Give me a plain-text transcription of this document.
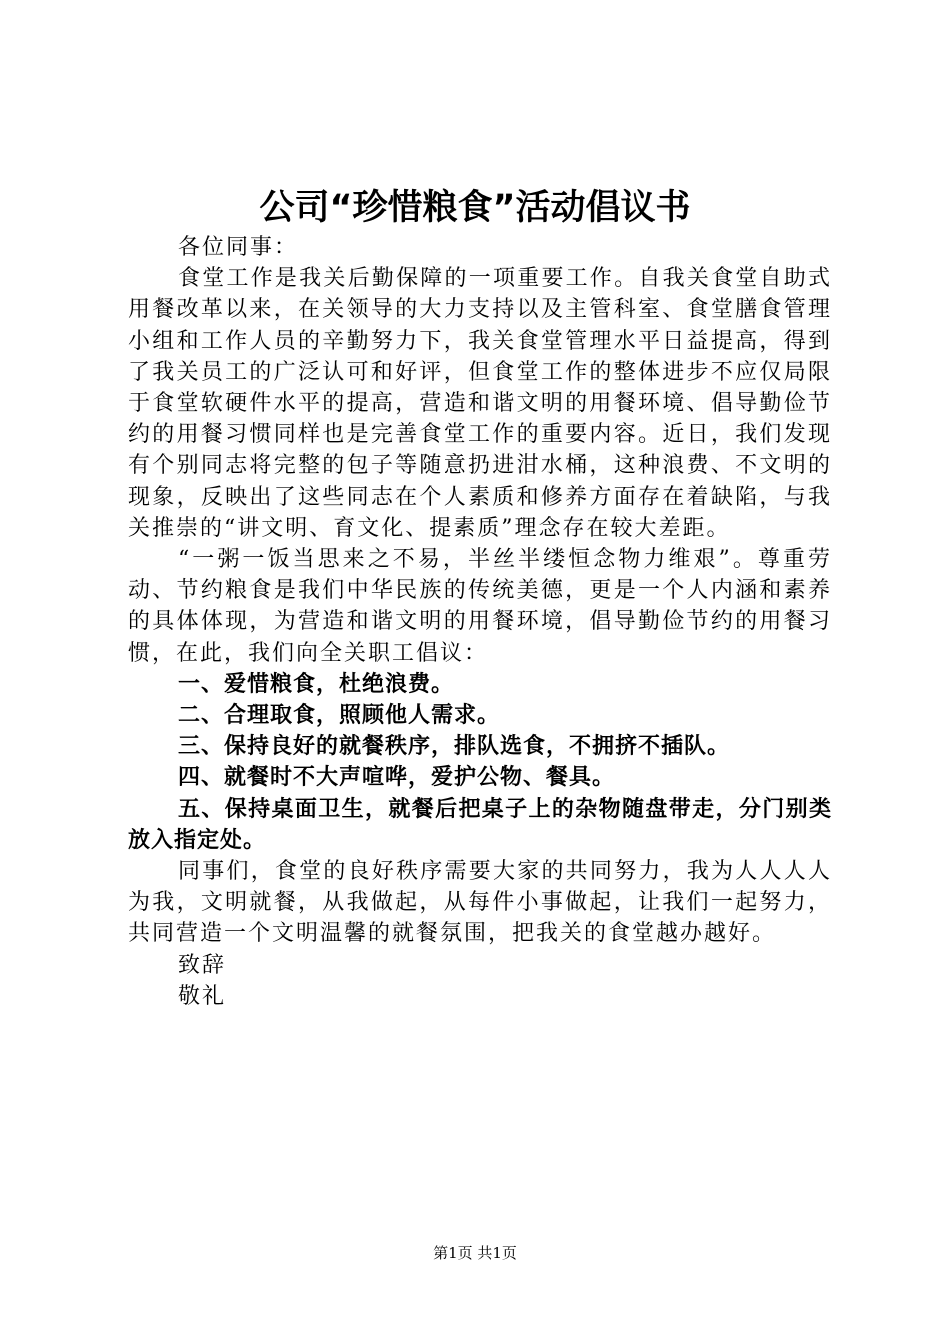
公司“珍惜粮食”活动倡议书

各位同事：

食堂工作是我关后勤保障的一项重要工作。自我关食堂自助式用餐改革以来，在关领导的大力支持以及主管科室、食堂膳食管理小组和工作人员的辛勤努力下，我关食堂管理水平日益提高，得到了我关员工的广泛认可和好评，但食堂工作的整体进步不应仅局限于食堂软硬件水平的提高，营造和谐文明的用餐环境、倡导勤俭节约的用餐习惯同样也是完善食堂工作的重要内容。近日，我们发现有个别同志将完整的包子等随意扔进泔水桶，这种浪费、不文明的现象，反映出了这些同志在个人素质和修养方面存在着缺陷，与我关推崇的“讲文明、育文化、提素质”理念存在较大差距。

“一粥一饭当思来之不易，半丝半缕恒念物力维艰”。尊重劳动、节约粮食是我们中华民族的传统美德，更是一个人内涵和素养的具体体现，为营造和谐文明的用餐环境，倡导勤俭节约的用餐习惯，在此，我们向全关职工倡议：

一、爱惜粮食，杜绝浪费。

二、合理取食，照顾他人需求。

三、保持良好的就餐秩序，排队选食，不拥挤不插队。

四、就餐时不大声喧哗，爱护公物、餐具。

五、保持桌面卫生，就餐后把桌子上的杂物随盘带走，分门别类放入指定处。

同事们，食堂的良好秩序需要大家的共同努力，我为人人人人为我，文明就餐，从我做起，从每件小事做起，让我们一起努力，共同营造一个文明温馨的就餐氛围，把我关的食堂越办越好。

致辞

敬礼

第1页 共1页
